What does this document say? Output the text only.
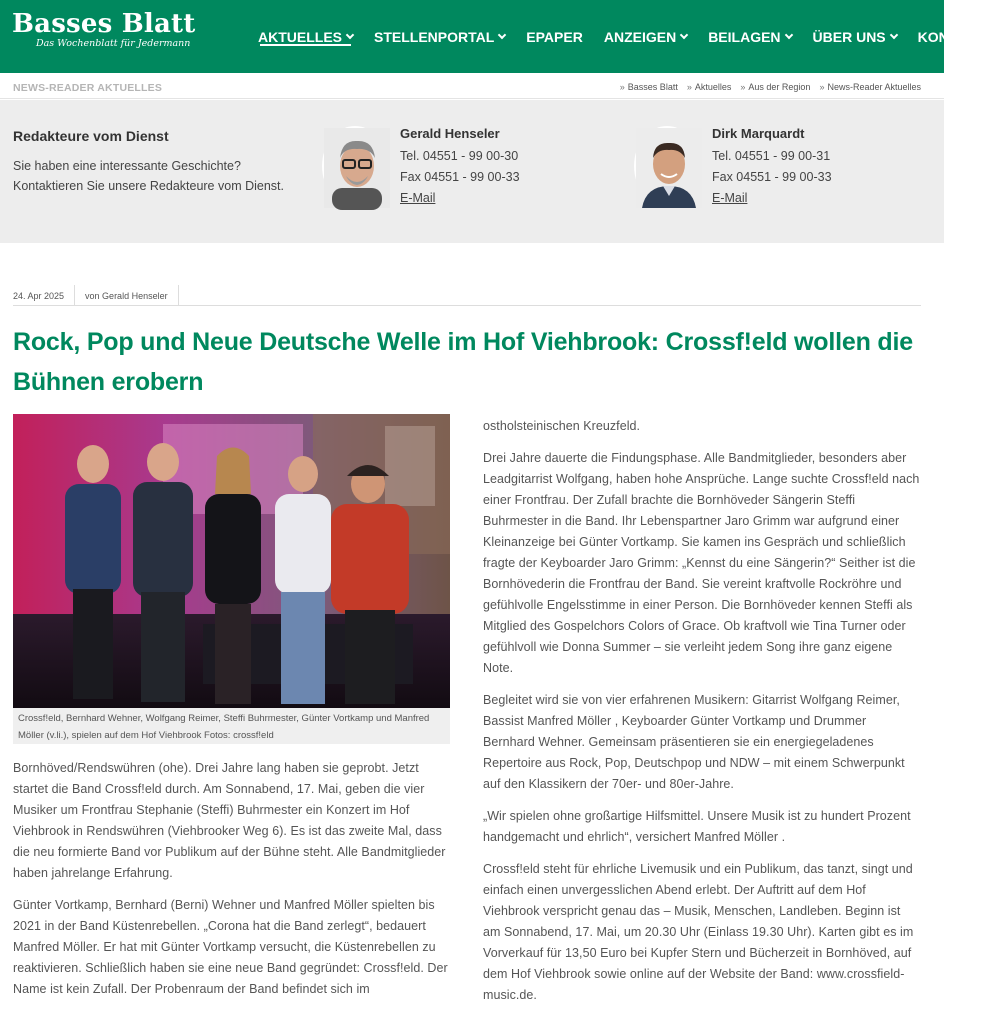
Basses Blatt
Das Wochenblatt für Jedermann	AKTUELLES STELLENPORTAL EPAPER ANZEIGEN BEILAGEN ÜBER UNS KONTAKT
NEWS-READER AKTUELLES	» Basses Blatt » Aktuelles » Aus der Region » News-Reader Aktuelles
Redakteure vom Dienst
Sie haben eine interessante Geschichte? Kontaktieren Sie unsere Redakteure vom Dienst.
Gerald Henseler
Tel. 04551 - 99 00-30
Fax 04551 - 99 00-33
E-Mail
Dirk Marquardt
Tel. 04551 - 99 00-31
Fax 04551 - 99 00-33
E-Mail
24. Apr 2025	von Gerald Henseler
Rock, Pop und Neue Deutsche Welle im Hof Viehbrook: Crossf!eld wollen die Bühnen erobern
Crossf!eld, Bernhard Wehner, Wolfgang Reimer, Steffi Buhrmester, Günter Vortkamp und Manfred Möller (v.li.), spielen auf dem Hof Viehbrook Fotos: crossf!eld

Bornhöved/Rendswühren (ohe). Drei Jahre lang haben sie geprobt. Jetzt startet die Band Crossf!eld durch. Am Sonnabend, 17. Mai, geben die vier Musiker um Frontfrau Stephanie (Steffi) Buhrmester ein Konzert im Hof Viehbrook in Rendswühren (Viehbrooker Weg 6). Es ist das zweite Mal, dass die neu formierte Band vor Publikum auf der Bühne steht. Alle Bandmitglieder haben jahrelange Erfahrung.

Günter Vortkamp, Bernhard (Berni) Wehner und Manfred Möller spielten bis 2021 in der Band Küstenrebellen. „Corona hat die Band zerlegt“, bedauert Manfred Möller. Er hat mit Günter Vortkamp versucht, die Küstenrebellen zu reaktivieren. Schließlich haben sie eine neue Band gegründet: Crossf!eld. Der Name ist kein Zufall. Der Probenraum der Band befindet sich im

ostholsteinischen Kreuzfeld.

Drei Jahre dauerte die Findungsphase. Alle Bandmitglieder, besonders aber Leadgitarrist Wolfgang, haben hohe Ansprüche. Lange suchte Crossf!eld nach einer Frontfrau. Der Zufall brachte die Bornhöveder Sängerin Steffi Buhrmester in die Band. Ihr Lebenspartner Jaro Grimm war aufgrund einer Kleinanzeige bei Günter Vortkamp. Sie kamen ins Gespräch und schließlich fragte der Keyboarder Jaro Grimm: „Kennst du eine Sängerin?“ Seither ist die Bornhövederin die Frontfrau der Band. Sie vereint kraftvolle Rockröhre und gefühlvolle Engelsstimme in einer Person. Die Bornhöveder kennen Steffi als Mitglied des Gospelchors Colors of Grace. Ob kraftvoll wie Tina Turner oder gefühlvoll wie Donna Summer – sie verleiht jedem Song ihre ganz eigene Note.

Begleitet wird sie von vier erfahrenen Musikern: Gitarrist Wolfgang Reimer, Bassist Manfred Möller , Keyboarder Günter Vortkamp und Drummer Bernhard Wehner. Gemeinsam präsentieren sie ein energiegeladenes Repertoire aus Rock, Pop, Deutschpop und NDW – mit einem Schwerpunkt auf den Klassikern der 70er- und 80er-Jahre.

„Wir spielen ohne großartige Hilfsmittel. Unsere Musik ist zu hundert Prozent handgemacht und ehrlich“, versichert Manfred Möller .

Crossf!eld steht für ehrliche Livemusik und ein Publikum, das tanzt, singt und einfach einen unvergesslichen Abend erlebt. Der Auftritt auf dem Hof Viehbrook verspricht genau das – Musik, Menschen, Landleben. Beginn ist am Sonnabend, 17. Mai, um 20.30 Uhr (Einlass 19.30 Uhr). Karten gibt es im Vorverkauf für 13,50 Euro bei Kupfer Stern und Bücherzeit in Bornhöved, auf dem Hof Viehbrook sowie online auf der Website der Band: www.crossfield-music.de.
